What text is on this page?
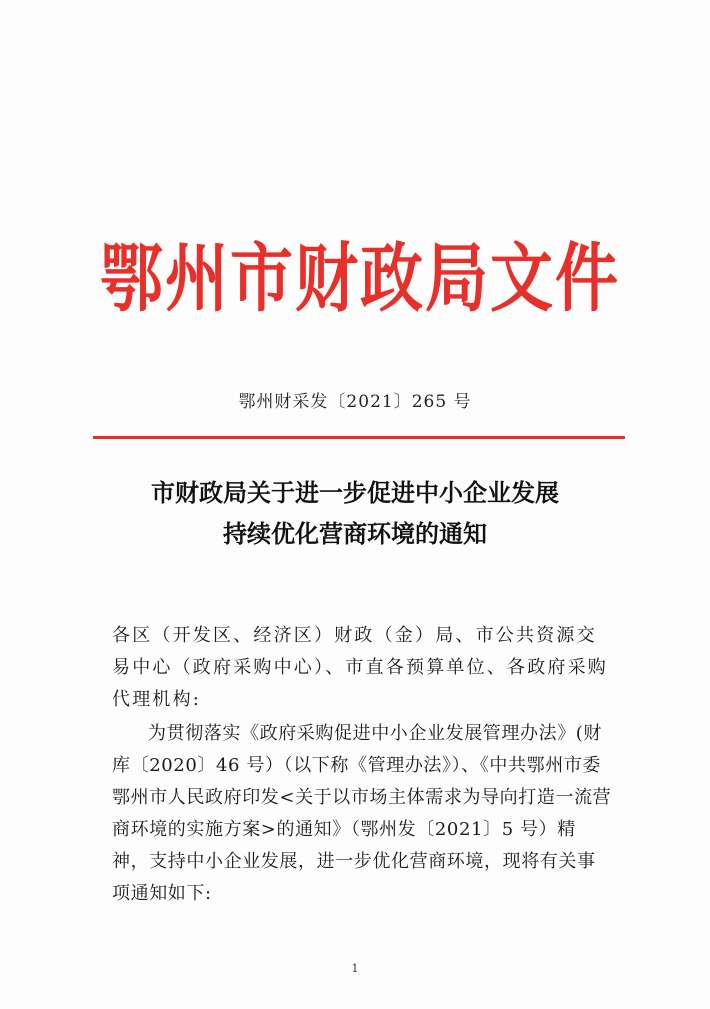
鄂州市财政局文件
鄂州财采发〔2021〕265 号
市财政局关于进一步促进中小企业发展
持续优化营商环境的通知

各区（开发区、经济区）财政（金）局、市公共资源交易中心（政府采购中心）、市直各预算单位、各政府采购代理机构:

为贯彻落实《政府采购促进中小企业发展管理办法》(财库〔2020〕46 号）（以下称《管理办法》）、《中共鄂州市委 鄂州市人民政府印发<关于以市场主体需求为导向打造一流营商环境的实施方案>的通知》（鄂州发〔2021〕5 号）精神，支持中小企业发展，进一步优化营商环境，现将有关事项通知如下:

1
